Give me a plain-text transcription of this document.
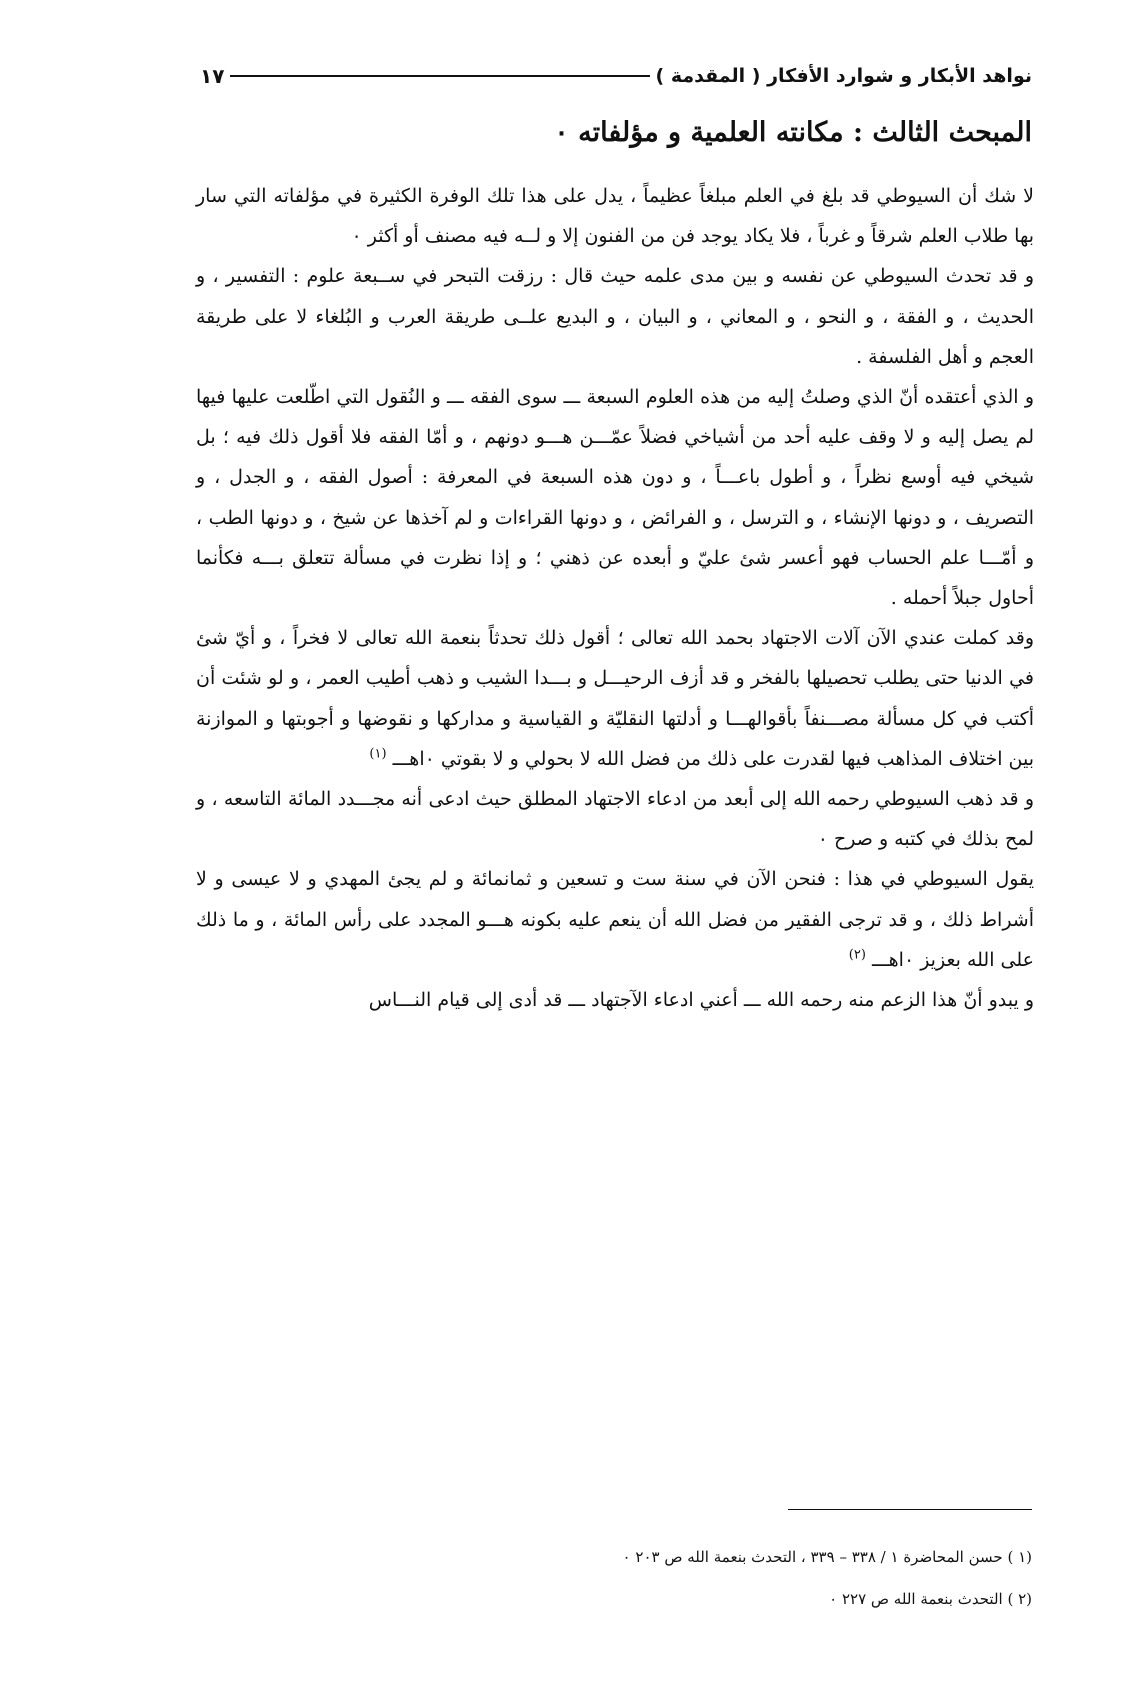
نواهد الأبكار و شوارد الأفكار ( المقدمة )
١٧
المبحث الثالث : مكانته العلمية و مؤلفاته ٠

لا شك أن السيوطي قد بلغ في العلم مبلغاً عظيماً ، يدل على هذا تلك الوفرة الكثيرة في مؤلفاته التي سار بها طلاب العلم شرقاً و غرباً ، فلا يكاد يوجد فن من الفنون إلا و لــه فيه مصنف أو أكثر ٠

و قد تحدث السيوطي عن نفسه و بين مدى علمه حيث قال : رزقت التبحر في ســبعة علوم : التفسير ، و الحديث ، و الفقة ، و النحو ، و المعاني ، و البيان ، و البديع علــى طريقة العرب و البُلغاء لا على طريقة العجم و أهل الفلسفة .

و الذي أعتقده أنّ الذي وصلتُ إليه من هذه العلوم السبعة ـــ سوى الفقه ـــ و النُقول التي اطّلعت عليها فيها لم يصل إليه و لا وقف عليه أحد من أشياخي فضلاً عمّـــن هـــو دونهم ، و أمّا الفقه فلا أقول ذلك فيه ؛ بل شيخي فيه أوسع نظراً ، و أطول باعـــاً ، و دون هذه السبعة في المعرفة : أصول الفقه ، و الجدل ، و التصريف ، و دونها الإنشاء ، و الترسل ، و الفرائض ، و دونها القراءات و لم آخذها عن شيخ ، و دونها الطب ، و أمّـــا علم الحساب فهو أعسر شئ عليّ و أبعده عن ذهني ؛ و إذا نظرت في مسألة تتعلق بـــه فكأنما أحاول جبلاً أحمله .

وقد كملت عندي الآن آلات الاجتهاد بحمد الله تعالى ؛ أقول ذلك تحدثاً بنعمة الله تعالى لا فخراً ، و أيّ شئ في الدنيا حتى يطلب تحصيلها بالفخر و قد أزف الرحيـــل و بـــدا الشيب و ذهب أطيب العمر ، و لو شئت أن أكتب في كل مسألة مصـــنفاً بأقوالهـــا و أدلتها النقليّة و القياسية و مداركها و نقوضها و أجوبتها و الموازنة بين اختلاف المذاهب فيها لقدرت على ذلك من فضل الله لا بحولي و لا بقوتي ٠اهـــ $^{(١)}$

و قد ذهب السيوطي رحمه الله إلى أبعد من ادعاء الاجتهاد المطلق حيث ادعى أنه مجـــدد المائة التاسعه ، و لمح بذلك في كتبه و صرح ٠

يقول السيوطي في هذا : فنحن الآن في سنة ست و تسعين و ثمانمائة و لم يجئ المهدي و لا عيسى و لا أشراط ذلك ، و قد ترجى الفقير من فضل الله أن ينعم عليه بكونه هـــو المجدد على رأس المائة ، و ما ذلك على الله بعزيز ٠اهـــ $^{(٢)}$

و يبدو أنّ هذا الزعم منه رحمه الله ـــ أعني ادعاء الآجتهاد ـــ قد أدى إلى قيام النـــاس

(١ ) حسن المحاضرة ١ / ٣٣٨ – ٣٣٩ ، التحدث بنعمة الله ص ٢٠٣ ٠
(٢ ) التحدث بنعمة الله ص ٢٢٧ ٠
